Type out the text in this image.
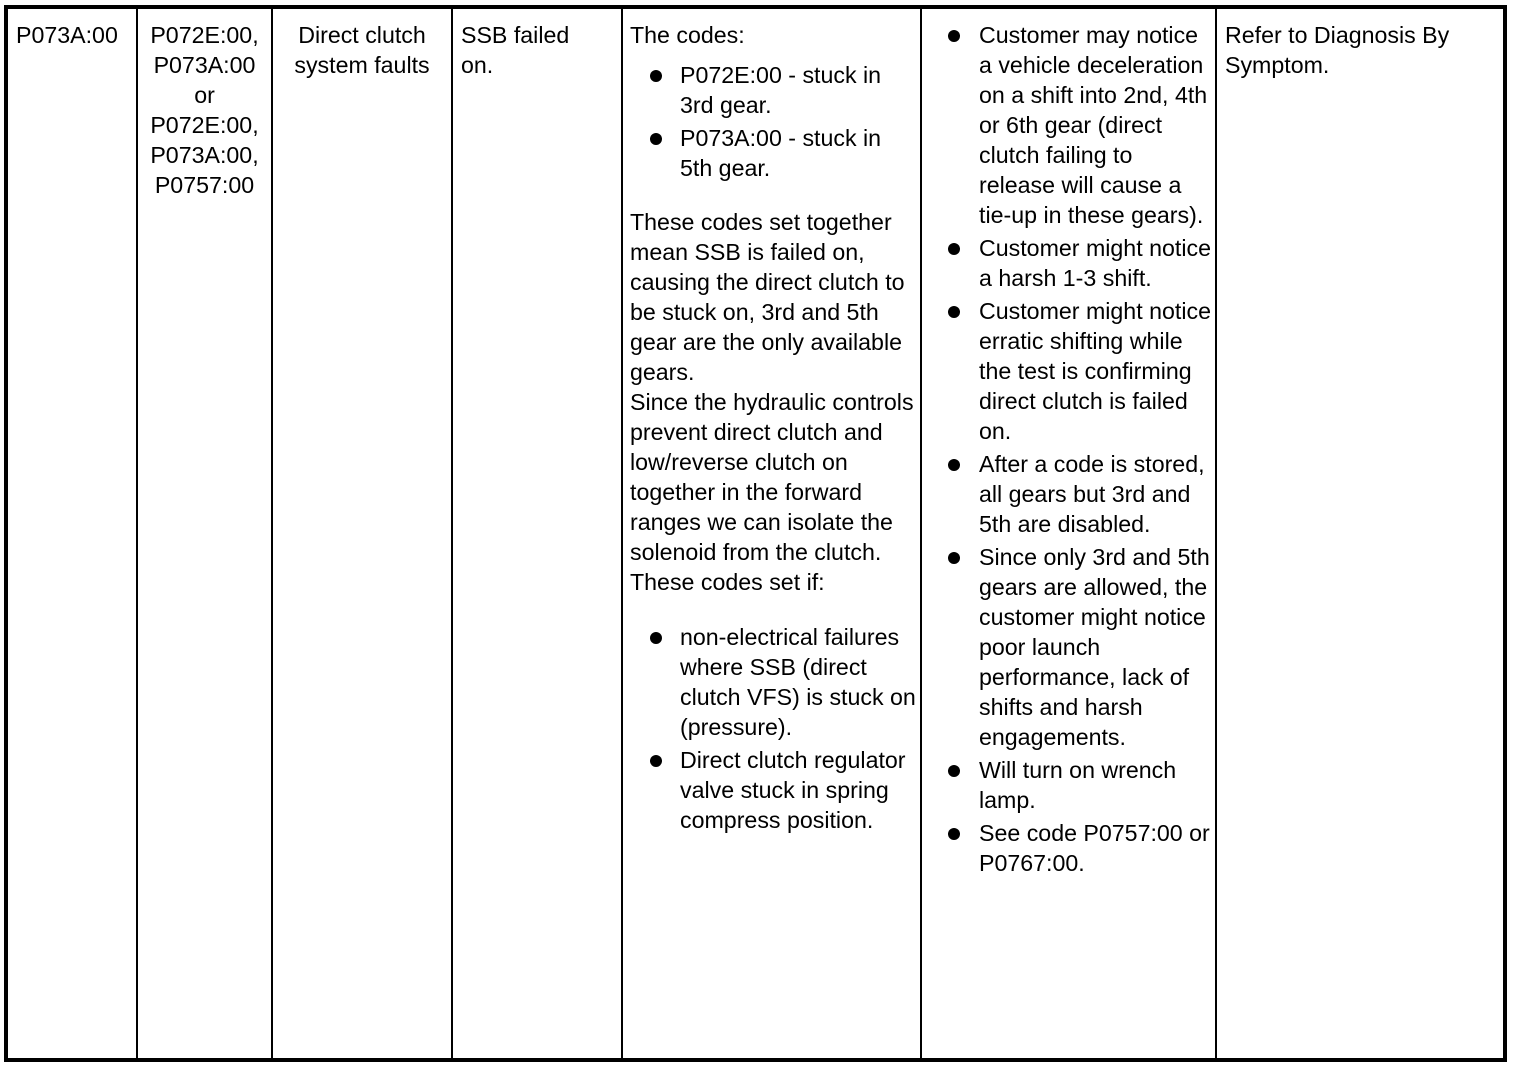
P073A:00	P072E:00,
P073A:00
or
P072E:00,
P073A:00,
P0757:00
Direct clutch
system faults
SSB failed
on.

The codes:

P072E:00 - stuck in 3rd gear.
P073A:00 - stuck in 5th gear.

These codes set together mean SSB is failed on, causing the direct clutch to be stuck on, 3rd and 5th gear are the only available gears.

Since the hydraulic controls prevent direct clutch and low/reverse clutch on together in the forward ranges we can isolate the solenoid from the clutch.

These codes set if:

non-electrical failures where SSB (direct clutch VFS) is stuck on (pressure).
Direct clutch regulator valve stuck in spring compress position.
Customer may notice a vehicle deceleration on a shift into 2nd, 4th or 6th gear (direct clutch failing to release will cause a tie-up in these gears).
Customer might notice a harsh 1-3 shift.
Customer might notice erratic shifting while the test is confirming direct clutch is failed on.
After a code is stored, all gears but 3rd and 5th are disabled.
Since only 3rd and 5th gears are allowed, the customer might notice poor launch performance, lack of shifts and harsh engagements.
Will turn on wrench lamp.
See code P0757:00 or P0767:00.
Refer to Diagnosis By
Symptom.
